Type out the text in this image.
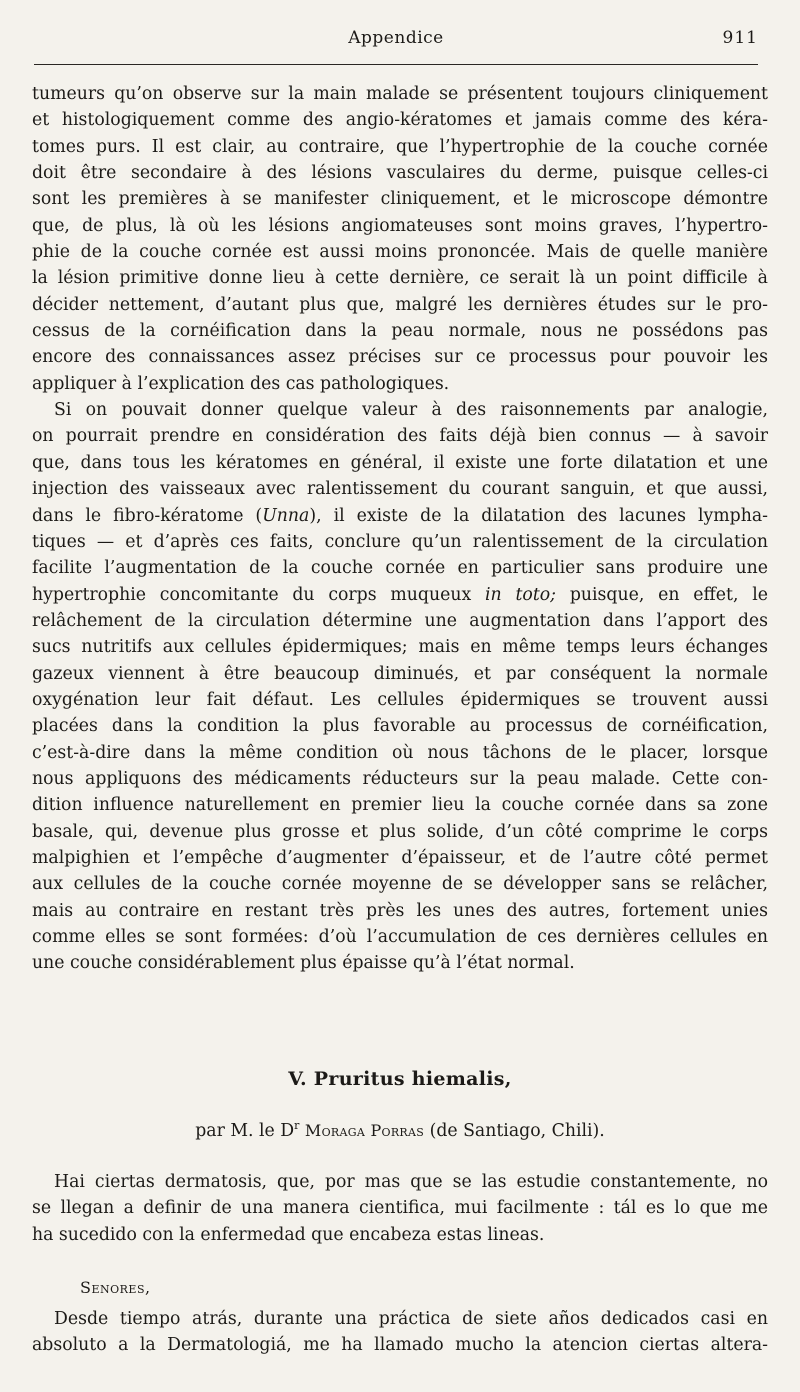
Appendice	911
tumeurs qu’on observe sur la main malade se présentent toujours cliniquement
et histologiquement comme des angio-kératomes et jamais comme des kéra-
tomes purs. Il est clair, au contraire, que l’hypertrophie de la couche cornée
doit être secondaire à des lésions vasculaires du derme, puisque celles-ci
sont les premières à se manifester cliniquement, et le microscope démontre
que, de plus, là où les lésions angiomateuses sont moins graves, l’hypertro-
phie de la couche cornée est aussi moins prononcée. Mais de quelle manière
la lésion primitive donne lieu à cette dernière, ce serait là un point difficile à
décider nettement, d’autant plus que, malgré les dernières études sur le pro-
cessus de la cornéification dans la peau normale, nous ne possédons pas
encore des connaissances assez précises sur ce processus pour pouvoir les
appliquer à l’explication des cas pathologiques.
Si on pouvait donner quelque valeur à des raisonnements par analogie,
on pourrait prendre en considération des faits déjà bien connus — à savoir
que, dans tous les kératomes en général, il existe une forte dilatation et une
injection des vaisseaux avec ralentissement du courant sanguin, et que aussi,
dans le fibro-kératome (Unna), il existe de la dilatation des lacunes lympha-
tiques — et d’après ces faits, conclure qu’un ralentissement de la circulation
facilite l’augmentation de la couche cornée en particulier sans produire une
hypertrophie concomitante du corps muqueux in toto; puisque, en effet, le
relâchement de la circulation détermine une augmentation dans l’apport des
sucs nutritifs aux cellules épidermiques; mais en même temps leurs échanges
gazeux viennent à être beaucoup diminués, et par conséquent la normale
oxygénation leur fait défaut. Les cellules épidermiques se trouvent aussi
placées dans la condition la plus favorable au processus de cornéification,
c’est-à-dire dans la même condition où nous tâchons de le placer, lorsque
nous appliquons des médicaments réducteurs sur la peau malade. Cette con-
dition influence naturellement en premier lieu la couche cornée dans sa zone
basale, qui, devenue plus grosse et plus solide, d’un côté comprime le corps
malpighien et l’empêche d’augmenter d’épaisseur, et de l’autre côté permet
aux cellules de la couche cornée moyenne de se développer sans se relâcher,
mais au contraire en restant très près les unes des autres, fortement unies
comme elles se sont formées: d’où l’accumulation de ces dernières cellules en
une couche considérablement plus épaisse qu’à l’état normal.
V. Pruritus hiemalis,
par M. le $D^r$ Moraga Porras (de Santiago, Chili).
Hai ciertas dermatosis, que, por mas que se las estudie constantemente, no
se llegan a definir de una manera cientifica, mui facilmente : tál es lo que me
ha sucedido con la enfermedad que encabeza estas lineas.
Senores,
Desde tiempo atrás, durante una práctica de siete años dedicados casi en
absoluto a la Dermatologiá, me ha llamado mucho la atencion ciertas altera-
